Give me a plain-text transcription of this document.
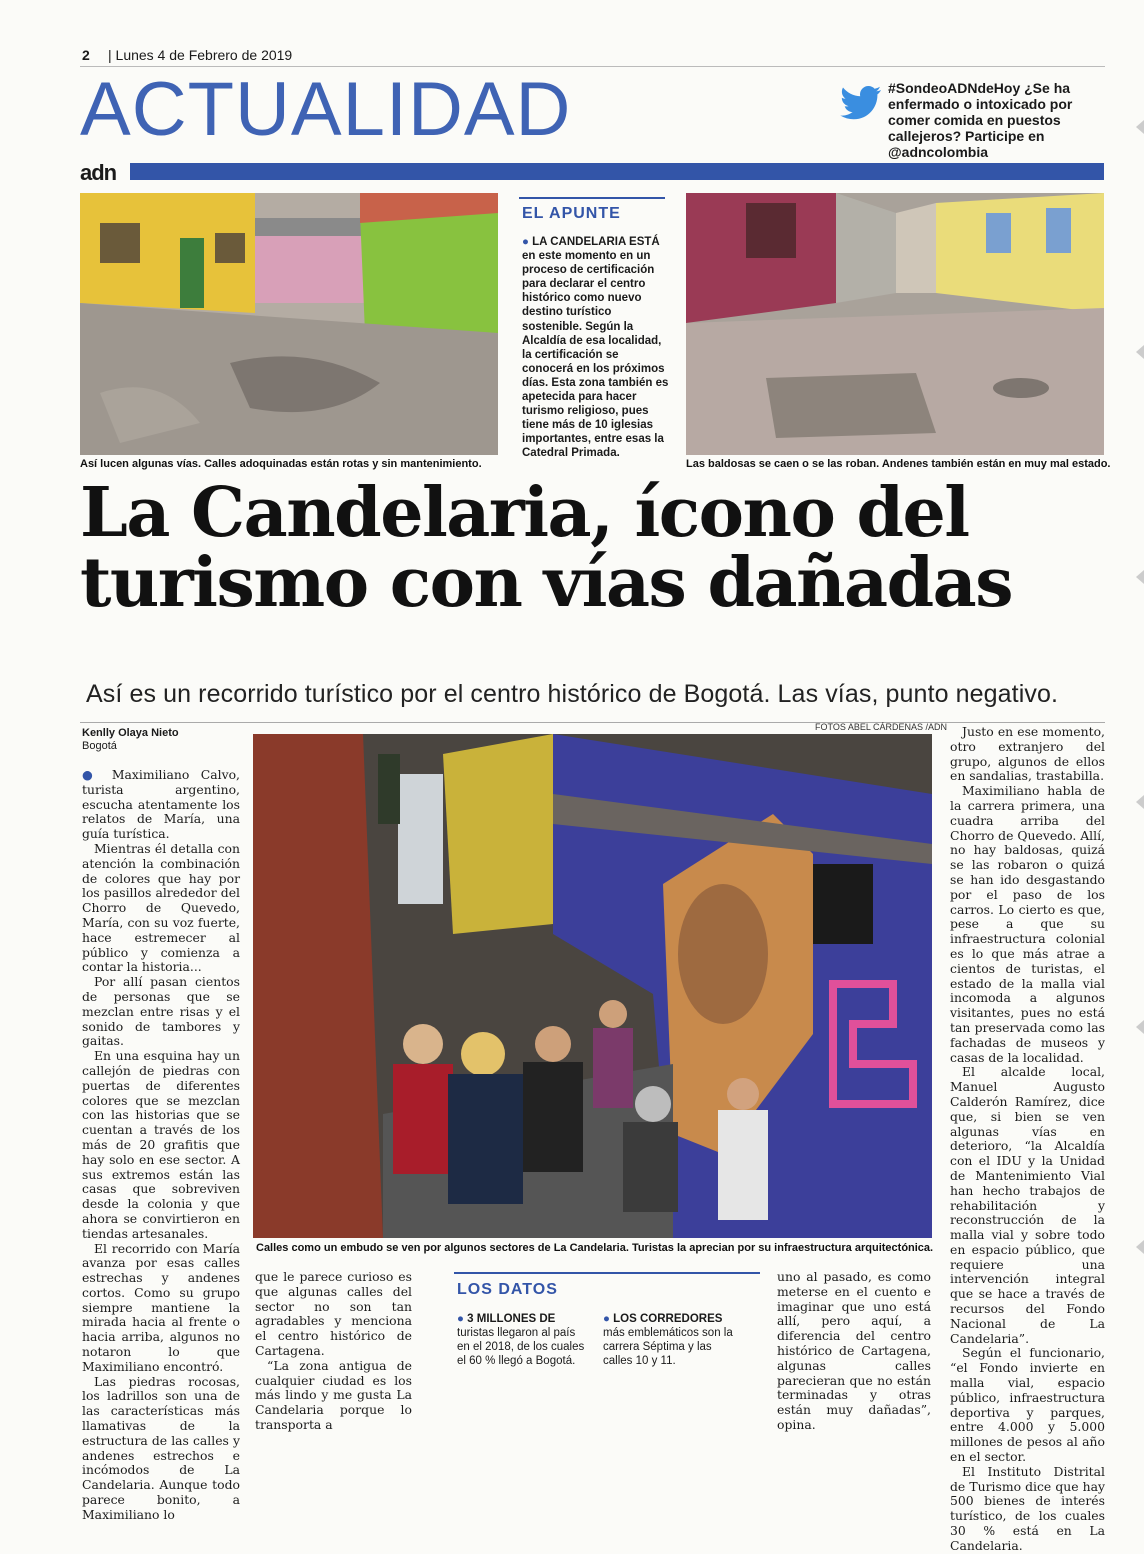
2 | Lunes 4 de Febrero de 2019
ACTUALIDAD	#SondeoADNdeHoy ¿Se ha enfermado o intoxicado por comer comida en puestos callejeros? Participe en @adncolombia
adn
Así lucen algunas vías. Calles adoquinadas están rotas y sin mantenimiento.
EL APUNTE
● LA CANDELARIA ESTÁ en este momento en un proceso de certificación para declarar el centro histórico como nuevo destino turístico sostenible. Según la Alcaldía de esa localidad, la certificación se conocerá en los próximos días. Esta zona también es apetecida para hacer turismo religioso, pues tiene más de 10 iglesias importantes, entre esas la Catedral Primada.
Las baldosas se caen o se las roban. Andenes también están en muy mal estado.
La Candelaria, ícono del
turismo con vías dañadas
Así es un recorrido turístico por el centro histórico de Bogotá. Las vías, punto negativo.
Kenlly Olaya Nieto
Bogotá

● Maximiliano Calvo, turista argentino, escucha atentamente los relatos de María, una guía turística.

Mientras él detalla con atención la combinación de colores que hay por los pasillos alrededor del Chorro de Quevedo, María, con su voz fuerte, hace estremecer al público y comienza a contar la historia...

Por allí pasan cientos de personas que se mezclan entre risas y el sonido de tambores y gaitas.

En una esquina hay un callejón de piedras con puertas de diferentes colores que se mezclan con las historias que se cuentan a través de los más de 20 grafitis que hay solo en ese sector. A sus extremos están las casas que sobreviven desde la colonia y que ahora se convirtieron en tiendas artesanales.

El recorrido con María avanza por esas calles estrechas y andenes cortos. Como su grupo siempre mantiene la mirada hacia al frente o hacia arriba, algunos no notaron lo que Maximiliano encontró.

Las piedras rocosas, los ladrillos son una de las características más llamativas de la estructura de las calles y andenes estrechos e incómodos de La Candelaria. Aunque todo parece bonito, a Maximiliano lo

FOTOS ABEL CÁRDENAS /ADN
Calles como un embudo se ven por algunos sectores de La Candelaria. Turistas la aprecian por su infraestructura arquitectónica.

que le parece curioso es que algunas calles del sector no son tan agradables y menciona el centro histórico de Cartagena.

“La zona antigua de cualquier ciudad es los más lindo y me gusta La Candelaria porque lo transporta a

LOS DATOS
● 3 MILLONES DE turistas llegaron al país en el 2018, de los cuales el 60 % llegó a Bogotá.
● LOS CORREDORES más emblemáticos son la carrera Séptima y las calles 10 y 11.

uno al pasado, es como meterse en el cuento e imaginar que uno está allí, pero aquí, a diferencia del centro histórico de Cartagena, algunas calles parecieran que no están terminadas y otras están muy dañadas”, opina.

Justo en ese momento, otro extranjero del grupo, algunos de ellos en sandalias, trastabilla.

Maximiliano habla de la carrera primera, una cuadra arriba del Chorro de Quevedo. Allí, no hay baldosas, quizá se las robaron o quizá se han ido desgastando por el paso de los carros. Lo cierto es que, pese a que su infraestructura colonial es lo que más atrae a cientos de turistas, el estado de la malla vial incomoda a algunos visitantes, pues no está tan preservada como las fachadas de museos y casas de la localidad.

El alcalde local, Manuel Augusto Calderón Ramírez, dice que, si bien se ven algunas vías en deterioro, “la Alcaldía con el IDU y la Unidad de Mantenimiento Vial han hecho trabajos de rehabilitación y reconstrucción de la malla vial y sobre todo en espacio público, que requiere una intervención integral que se hace a través de recursos del Fondo Nacional de La Candelaria”.

Según el funcionario, “el Fondo invierte en malla vial, espacio público, infraestructura deportiva y parques, entre 4.000 y 5.000 millones de pesos al año en el sector.

El Instituto Distrital de Turismo dice que hay 500 bienes de interés turístico, de los cuales 30 % está en La Candelaria.
